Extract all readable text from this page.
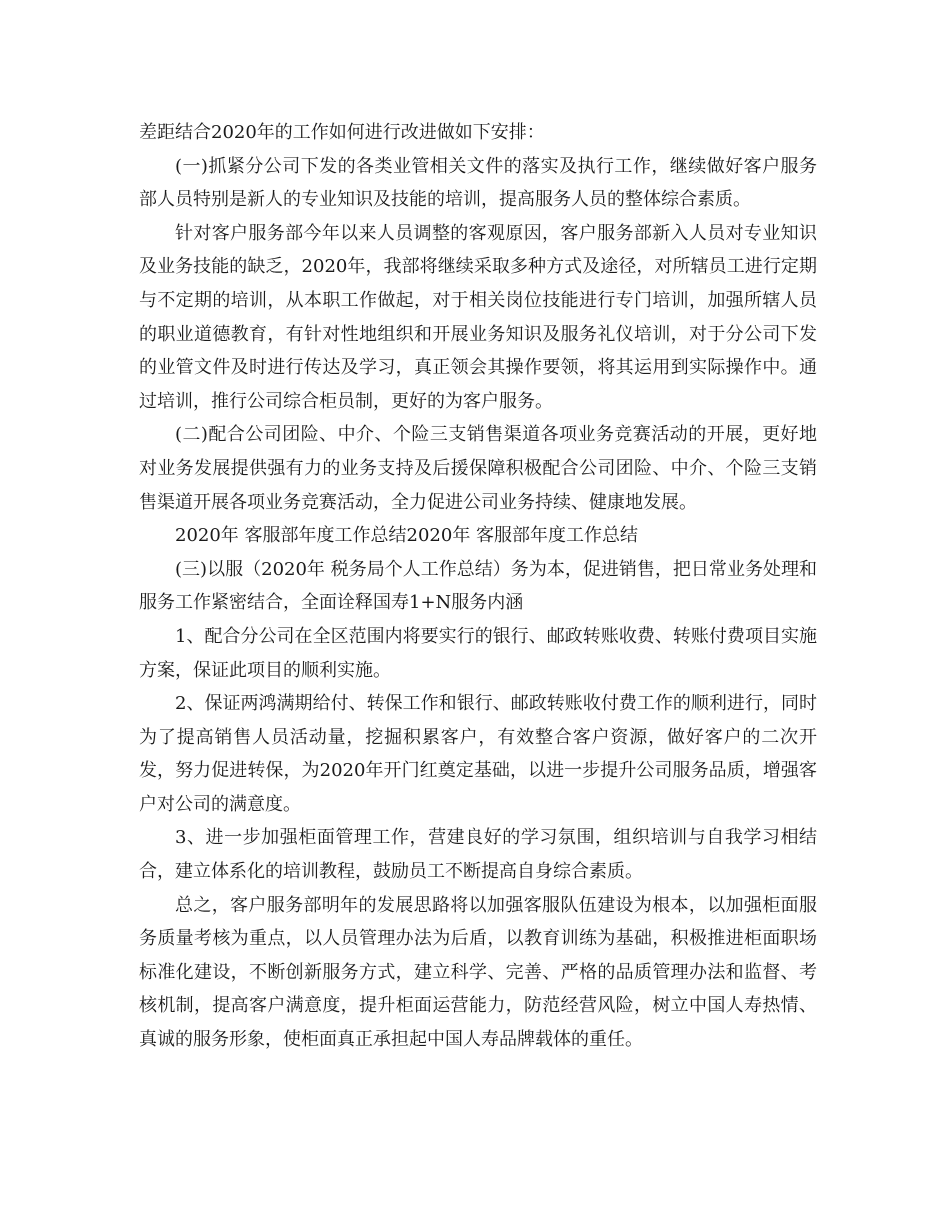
差距结合2020年的工作如何进行改进做如下安排：

(一)抓紧分公司下发的各类业管相关文件的落实及执行工作，继续做好客户服务部人员特别是新人的专业知识及技能的培训，提高服务人员的整体综合素质。

针对客户服务部今年以来人员调整的客观原因，客户服务部新入人员对专业知识及业务技能的缺乏，2020年，我部将继续采取多种方式及途径，对所辖员工进行定期与不定期的培训，从本职工作做起，对于相关岗位技能进行专门培训，加强所辖人员的职业道德教育，有针对性地组织和开展业务知识及服务礼仪培训，对于分公司下发的业管文件及时进行传达及学习，真正领会其操作要领，将其运用到实际操作中。通过培训，推行公司综合柜员制，更好的为客户服务。

(二)配合公司团险、中介、个险三支销售渠道各项业务竞赛活动的开展，更好地对业务发展提供强有力的业务支持及后援保障积极配合公司团险、中介、个险三支销售渠道开展各项业务竞赛活动，全力促进公司业务持续、健康地发展。

2020年 客服部年度工作总结2020年 客服部年度工作总结

(三)以服（2020年 税务局个人工作总结）务为本，促进销售，把日常业务处理和服务工作紧密结合，全面诠释国寿1+N服务内涵

1、配合分公司在全区范围内将要实行的银行、邮政转账收费、转账付费项目实施方案，保证此项目的顺利实施。

2、保证两鸿满期给付、转保工作和银行、邮政转账收付费工作的顺利进行，同时为了提高销售人员活动量，挖掘积累客户，有效整合客户资源，做好客户的二次开发，努力促进转保，为2020年开门红奠定基础，以进一步提升公司服务品质，增强客户对公司的满意度。

3、进一步加强柜面管理工作，营建良好的学习氛围，组织培训与自我学习相结合，建立体系化的培训教程，鼓励员工不断提高自身综合素质。

总之，客户服务部明年的发展思路将以加强客服队伍建设为根本，以加强柜面服务质量考核为重点，以人员管理办法为后盾，以教育训练为基础，积极推进柜面职场标准化建设，不断创新服务方式，建立科学、完善、严格的品质管理办法和监督、考核机制，提高客户满意度，提升柜面运营能力，防范经营风险，树立中国人寿热情、真诚的服务形象，使柜面真正承担起中国人寿品牌载体的重任。
